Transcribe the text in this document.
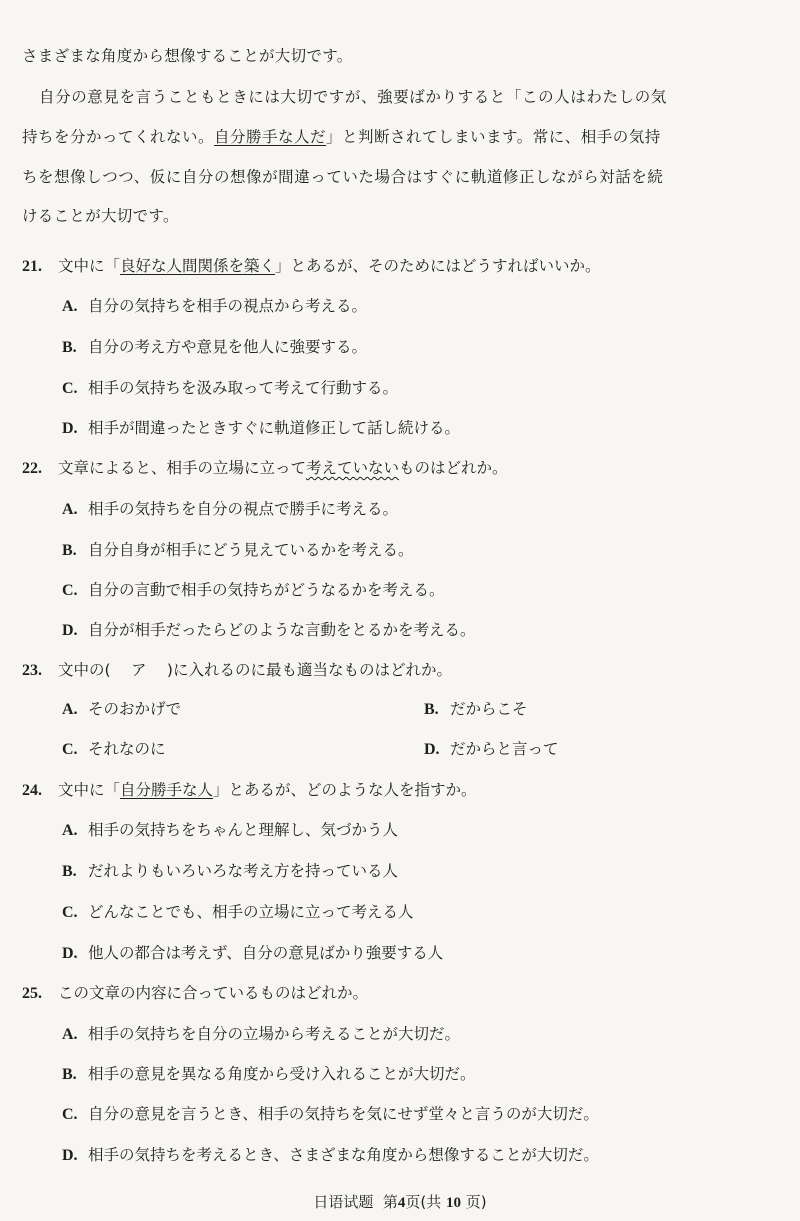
さまざまな角度から想像することが大切です。
自分の意見を言うこともときには大切ですが、強要ばかりすると「この人はわたしの気
持ちを分かってくれない。自分勝手な人だ」と判断されてしまいます。常に、相手の気持
ちを想像しつつ、仮に自分の想像が間違っていた場合はすぐに軌道修正しながら対話を続
けることが大切です。
21. 文中に「良好な人間関係を築く」とあるが、そのためにはどうすればいいか。
A. 自分の気持ちを相手の視点から考える。
B. 自分の考え方や意見を他人に強要する。
C. 相手の気持ちを汲み取って考えて行動する。
D. 相手が間違ったときすぐに軌道修正して話し続ける。
22. 文章によると、相手の立場に立って考えていないものはどれか。
A. 相手の気持ちを自分の視点で勝手に考える。
B. 自分自身が相手にどう見えているかを考える。
C. 自分の言動で相手の気持ちがどうなるかを考える。
D. 自分が相手だったらどのような言動をとるかを考える。
23. 文中の(　 ア　 )に入れるのに最も適当なものはどれか。
A. そのおかげで	B. だからこそ
C. それなのに	D. だからと言って
24. 文中に「自分勝手な人」とあるが、どのような人を指すか。
A. 相手の気持ちをちゃんと理解し、気づかう人
B. だれよりもいろいろな考え方を持っている人
C. どんなことでも、相手の立場に立って考える人
D. 他人の都合は考えず、自分の意見ばかり強要する人
25. この文章の内容に合っているものはどれか。
A. 相手の気持ちを自分の立場から考えることが大切だ。
B. 相手の意見を異なる角度から受け入れることが大切だ。
C. 自分の意見を言うとき、相手の気持ちを気にせず堂々と言うのが大切だ。
D. 相手の気持ちを考えるとき、さまざまな角度から想像することが大切だ。
日语试题 第4页(共 10 页)
